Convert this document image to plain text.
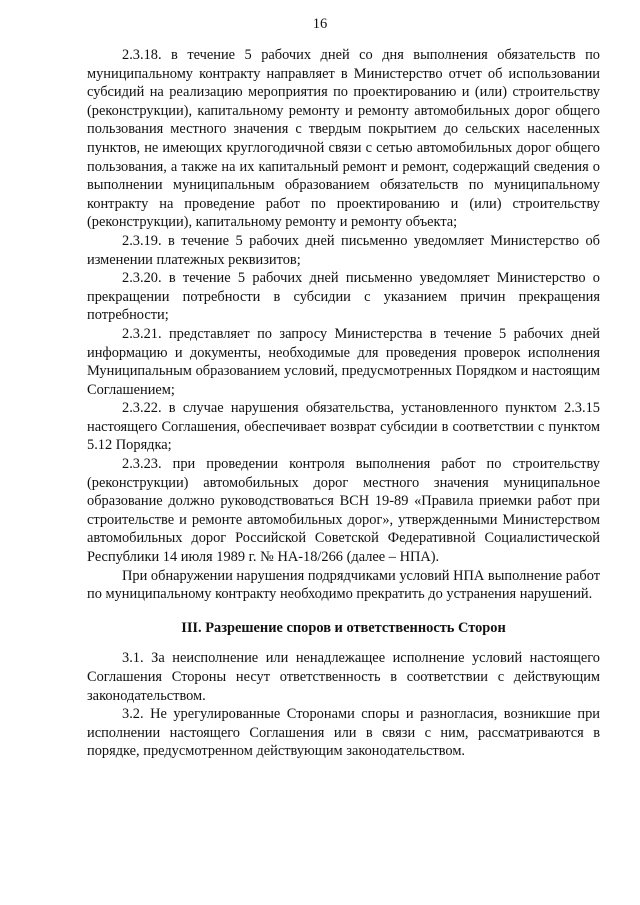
16

2.3.18. в течение 5 рабочих дней со дня выполнения обязательств по муниципальному контракту направляет в Министерство отчет об использовании субсидий на реализацию мероприятия по проектированию и (или) строительству (реконструкции), капитальному ремонту и ремонту автомобильных дорог общего пользования местного значения с твердым покрытием до сельских населенных пунктов, не имеющих круглогодичной связи с сетью автомобильных дорог общего пользования, а также на их капитальный ремонт и ремонт, содержащий сведения о выполнении муниципальным образованием обязательств по муниципальному контракту на проведение работ по проектированию и (или) строительству (реконструкции), капитальному ремонту и ремонту объекта;

2.3.19. в течение 5 рабочих дней письменно уведомляет Министерство об изменении платежных реквизитов;

2.3.20. в течение 5 рабочих дней письменно уведомляет Министерство о прекращении потребности в субсидии с указанием причин прекращения потребности;

2.3.21. представляет по запросу Министерства в течение 5 рабочих дней информацию и документы, необходимые для проведения проверок исполнения Муниципальным образованием условий, предусмотренных Порядком и настоящим Соглашением;

2.3.22. в случае нарушения обязательства, установленного пунктом 2.3.15 настоящего Соглашения, обеспечивает возврат субсидии в соответствии с пунктом 5.12 Порядка;

2.3.23. при проведении контроля выполнения работ по строительству (реконструкции) автомобильных дорог местного значения муниципальное образование должно руководствоваться ВСН 19-89 «Правила приемки работ при строительстве и ремонте автомобильных дорог», утвержденными Министерством автомобильных дорог Российской Советской Федеративной Социалистической Республики 14 июля 1989 г. № НА-18/266 (далее – НПА).

При обнаружении нарушения подрядчиками условий НПА выполнение работ по муниципальному контракту необходимо прекратить до устранения нарушений.

III. Разрешение споров и ответственность Сторон

3.1. За неисполнение или ненадлежащее исполнение условий настоящего Соглашения Стороны несут ответственность в соответствии с действующим законодательством.

3.2. Не урегулированные Сторонами споры и разногласия, возникшие при исполнении настоящего Соглашения или в связи с ним, рассматриваются в порядке, предусмотренном действующим законодательством.
